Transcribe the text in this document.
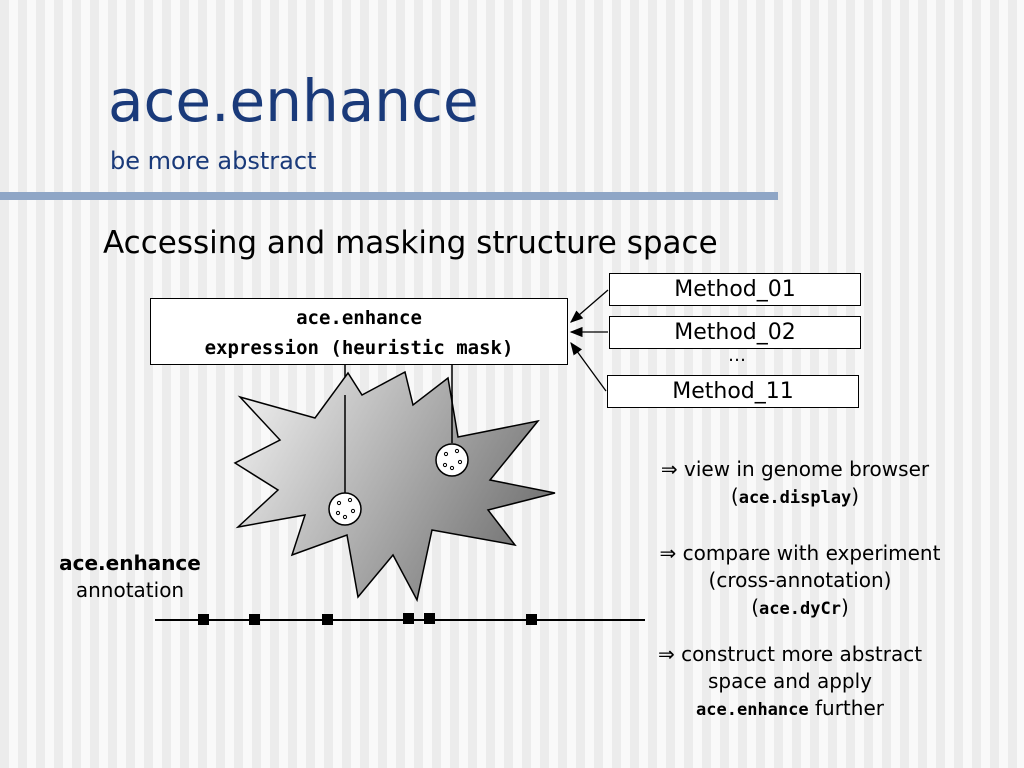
ace.enhance
be more abstract
Accessing and masking structure space
ace.enhance
expression (heuristic mask)
Method_01
Method_02
…
Method_11
ace.enhance
annotation
⇒ view in genome browser
(ace.display)
⇒ compare with experiment
(cross-annotation)
(ace.dyCr)
⇒ construct more abstract
space and apply
ace.enhance further
